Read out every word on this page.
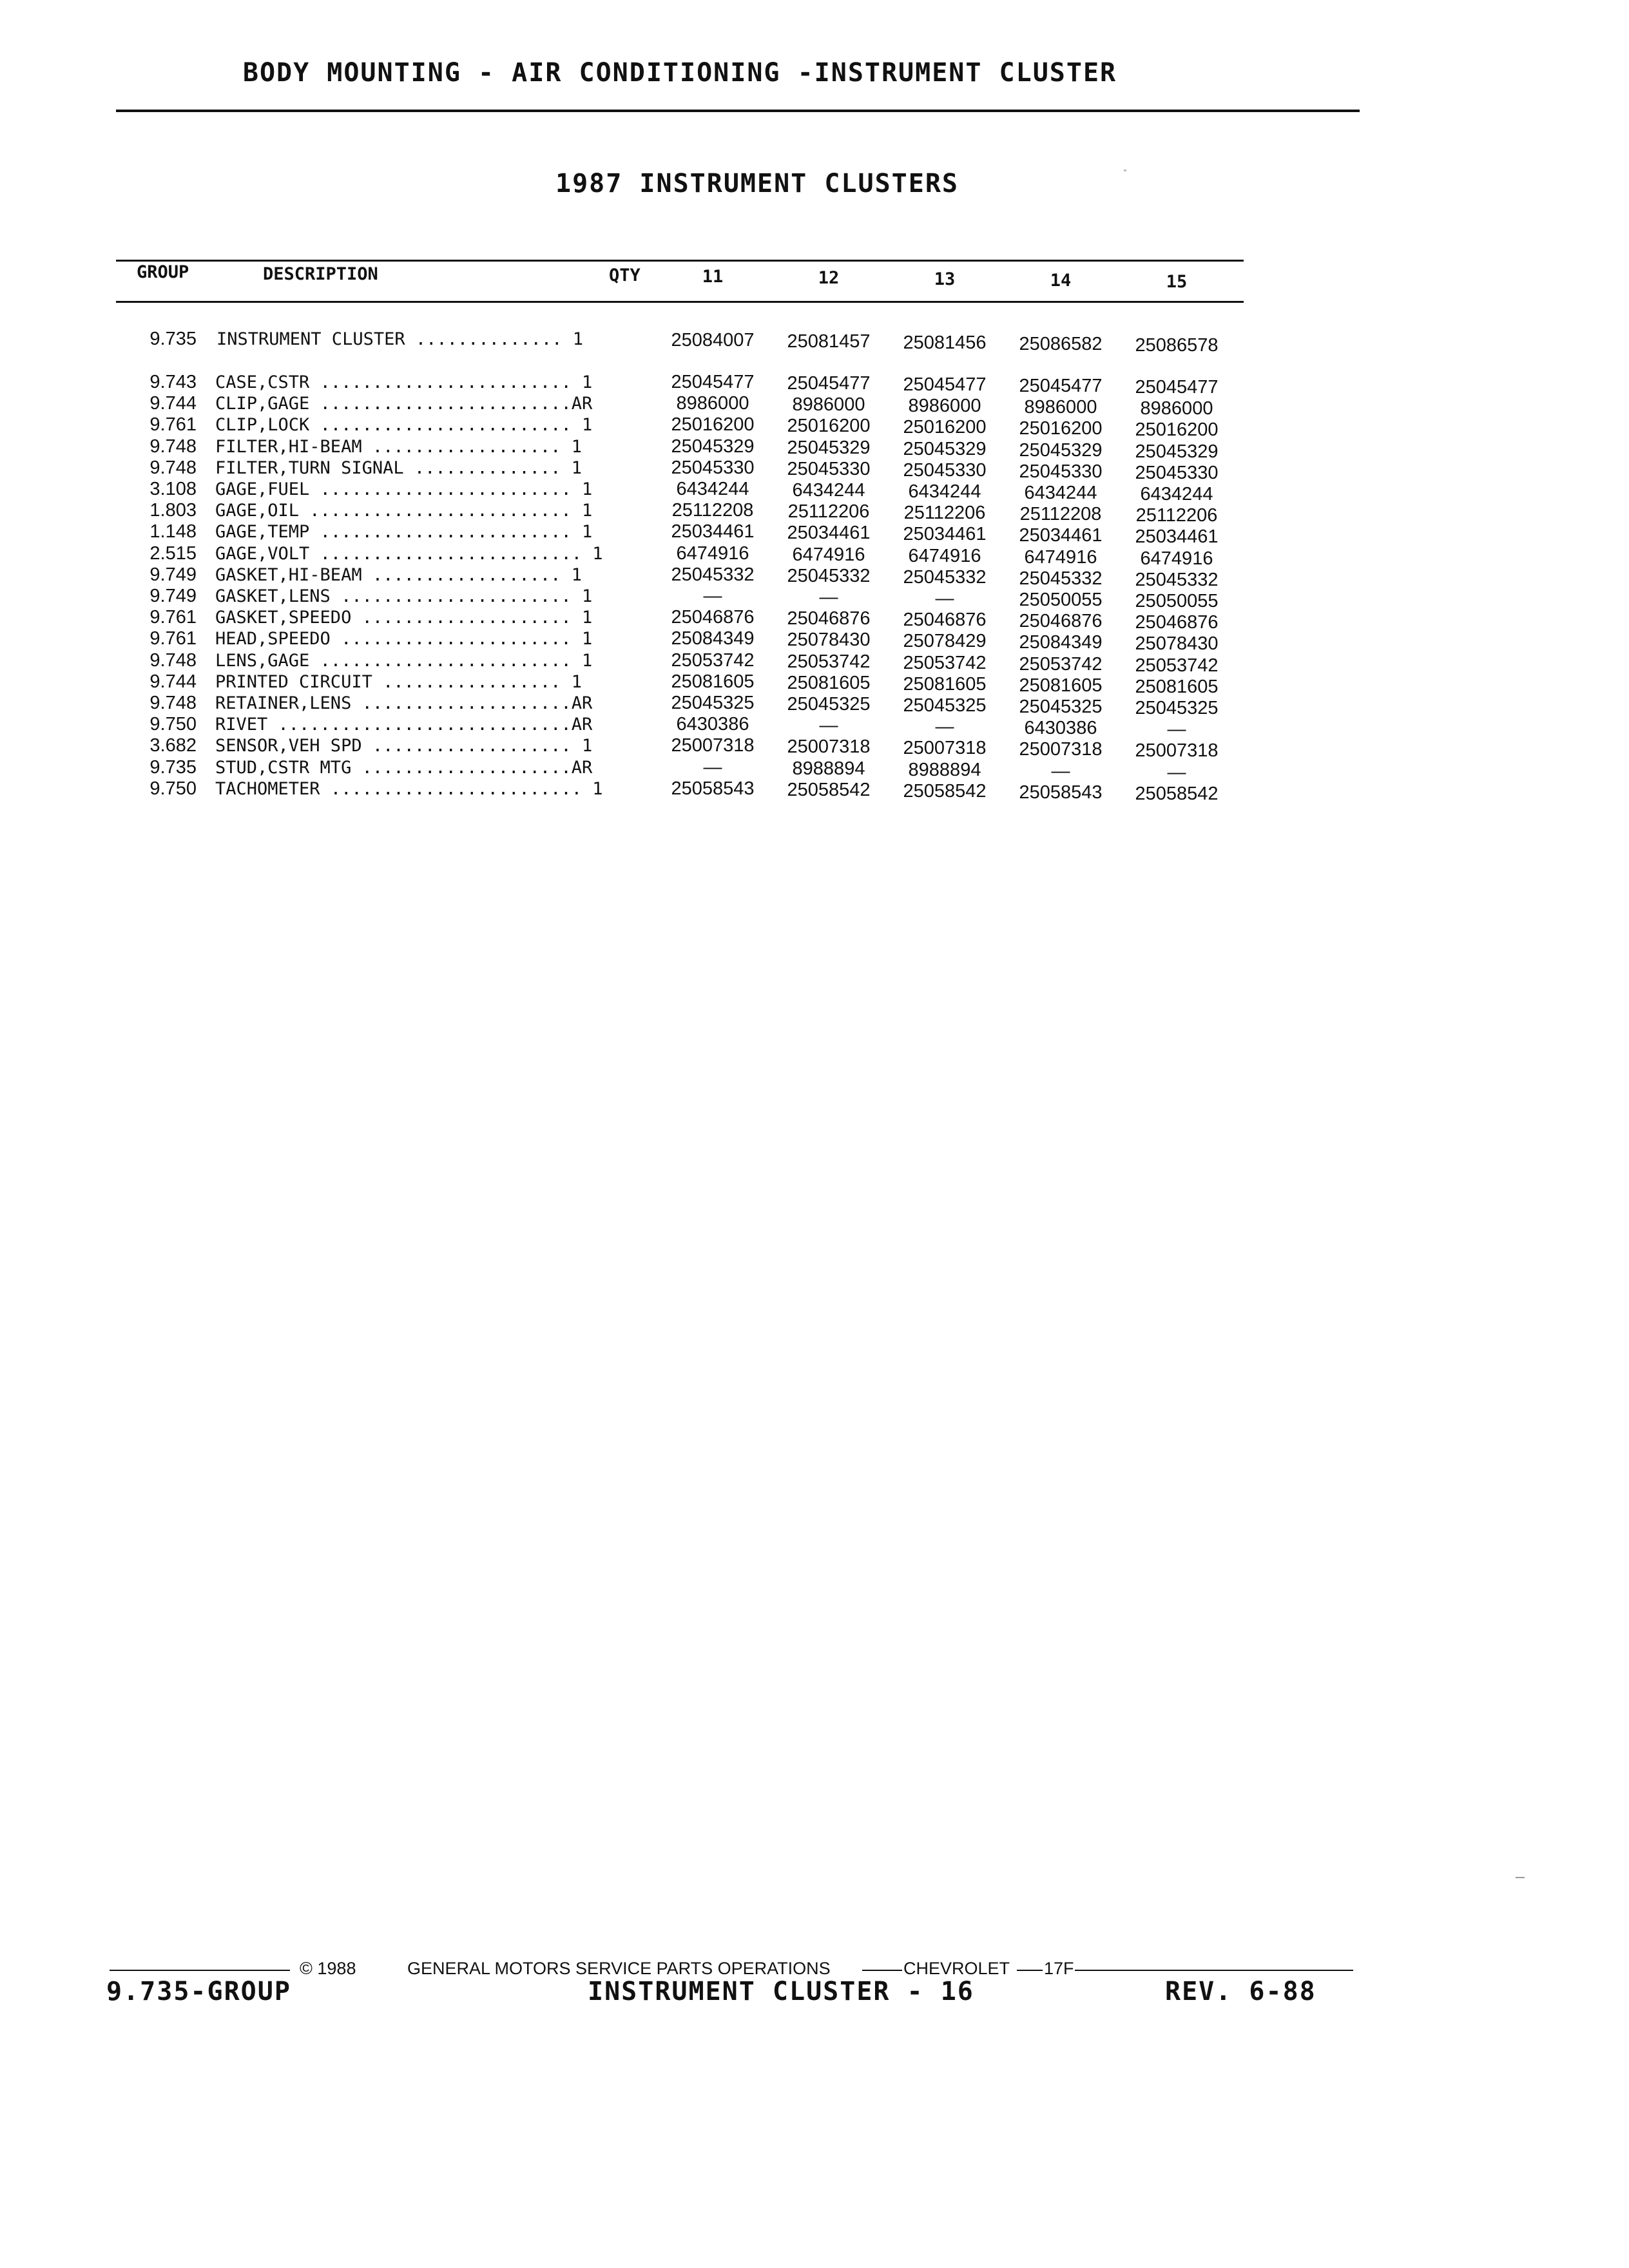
BODY MOUNTING - AIR CONDITIONING -INSTRUMENT CLUSTER
1987 INSTRUMENT CLUSTERS
GROUP	DESCRIPTION	QTY	11	12	13	14	15
9.735 INSTRUMENT CLUSTER .............. 1	25084007	25081457	25081456	25086582	25086578
9.743 CASE,CSTR ........................ 1	25045477	25045477	25045477	25045477	25045477
9.744 CLIP,GAGE ........................AR	8986000	8986000	8986000	8986000	8986000
9.761 CLIP,LOCK ........................ 1	25016200	25016200	25016200	25016200	25016200
9.748 FILTER,HI-BEAM .................. 1	25045329	25045329	25045329	25045329	25045329
9.748 FILTER,TURN SIGNAL .............. 1	25045330	25045330	25045330	25045330	25045330
3.108 GAGE,FUEL ........................ 1	6434244	6434244	6434244	6434244	6434244
1.803 GAGE,OIL ......................... 1	25112208	25112206	25112206	25112208	25112206
1.148 GAGE,TEMP ........................ 1	25034461	25034461	25034461	25034461	25034461
2.515 GAGE,VOLT ......................... 1	6474916	6474916	6474916	6474916	6474916
9.749 GASKET,HI-BEAM .................. 1	25045332	25045332	25045332	25045332	25045332
9.749 GASKET,LENS ...................... 1	—	—	—	25050055	25050055
9.761 GASKET,SPEEDO .................... 1	25046876	25046876	25046876	25046876	25046876
9.761 HEAD,SPEEDO ...................... 1	25084349	25078430	25078429	25084349	25078430
9.748 LENS,GAGE ........................ 1	25053742	25053742	25053742	25053742	25053742
9.744 PRINTED CIRCUIT ................. 1	25081605	25081605	25081605	25081605	25081605
9.748 RETAINER,LENS ....................AR	25045325	25045325	25045325	25045325	25045325
9.750 RIVET ............................AR	6430386	—	—	6430386	—
3.682 SENSOR,VEH SPD ................... 1	25007318	25007318	25007318	25007318	25007318
9.735 STUD,CSTR MTG ....................AR	—	8988894	8988894	—	—
9.750 TACHOMETER ........................ 1	25058543	25058542	25058542	25058543	25058542
© 1988	GENERAL MOTORS SERVICE PARTS OPERATIONS	CHEVROLET 17F
9.735-GROUP	INSTRUMENT CLUSTER - 16	REV. 6-88
